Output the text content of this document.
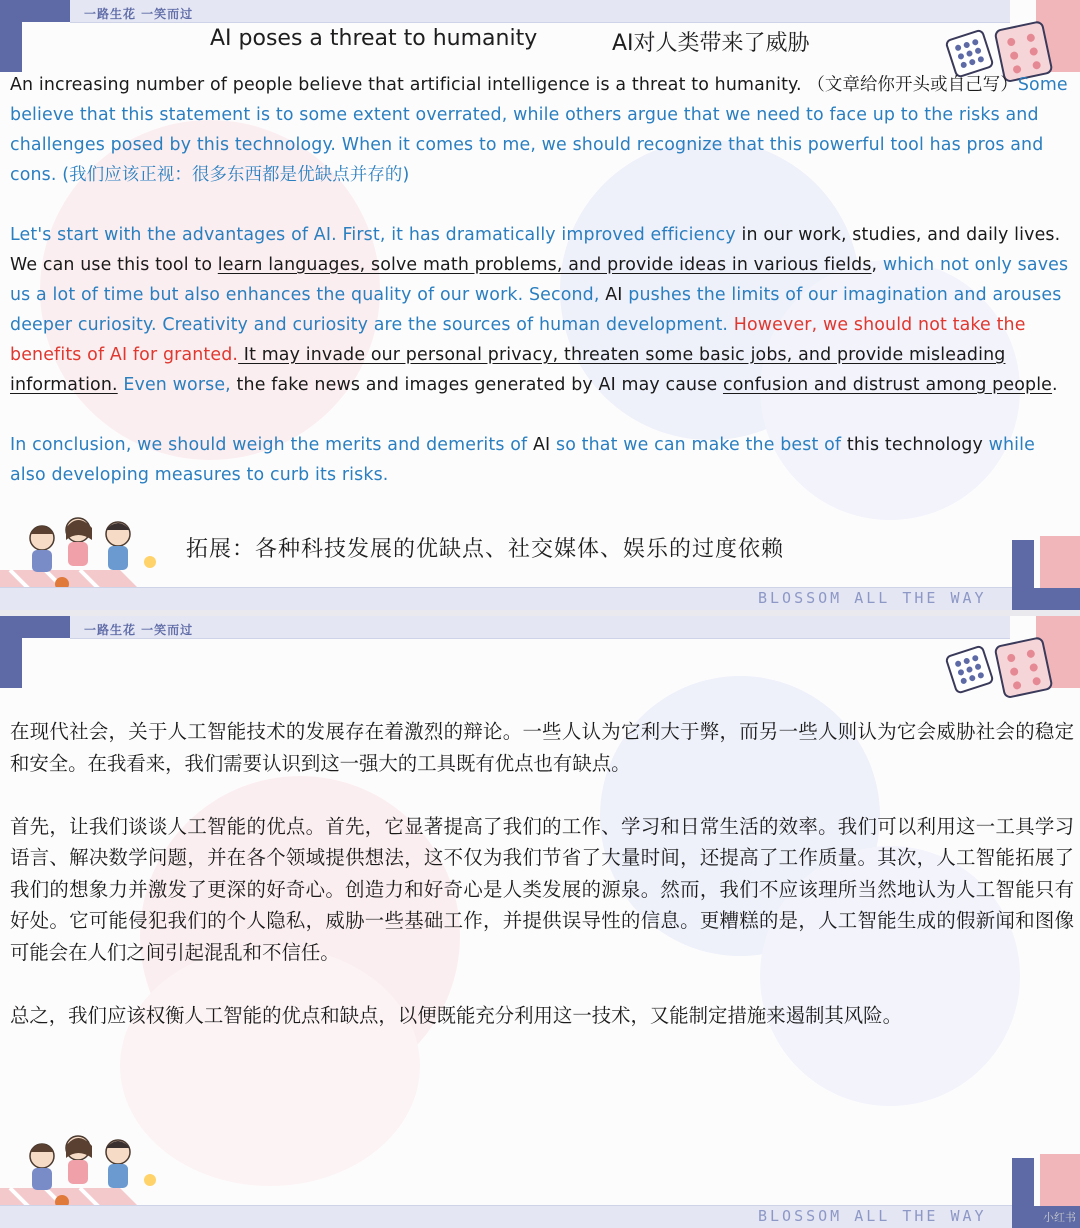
一路生花 一笑而过
AI poses a threat to humanity	AI对人类带来了威胁

An increasing number of people believe that artificial intelligence is a threat to humanity. （文章给你开头或自己写）Some believe that this statement is to some extent overrated, while others argue that we need to face up to the risks and challenges posed by this technology. When it comes to me, we should recognize that this powerful tool has pros and cons. (我们应该正视：很多东西都是优缺点并存的)

Let's start with the advantages of AI. First, it has dramatically improved efficiency in our work, studies, and daily lives. We can use this tool to learn languages, solve math problems, and provide ideas in various fields, which not only saves us a lot of time but also enhances the quality of our work. Second, AI pushes the limits of our imagination and arouses deeper curiosity. Creativity and curiosity are the sources of human development. However, we should not take the benefits of AI for granted. It may invade our personal privacy, threaten some basic jobs, and provide misleading information. Even worse, the fake news and images generated by AI may cause confusion and distrust among people.

In conclusion, we should weigh the merits and demerits of AI so that we can make the best of this technology while also developing measures to curb its risks.

拓展：各种科技发展的优缺点、社交媒体、娱乐的过度依赖
BLOSSOM ALL THE WAY
一路生花 一笑而过

在现代社会，关于人工智能技术的发展存在着激烈的辩论。一些人认为它利大于弊，而另一些人则认为它会威胁社会的稳定和安全。在我看来，我们需要认识到这一强大的工具既有优点也有缺点。

首先，让我们谈谈人工智能的优点。首先，它显著提高了我们的工作、学习和日常生活的效率。我们可以利用这一工具学习语言、解决数学问题，并在各个领域提供想法，这不仅为我们节省了大量时间，还提高了工作质量。其次，人工智能拓展了我们的想象力并激发了更深的好奇心。创造力和好奇心是人类发展的源泉。然而，我们不应该理所当然地认为人工智能只有好处。它可能侵犯我们的个人隐私，威胁一些基础工作，并提供误导性的信息。更糟糕的是，人工智能生成的假新闻和图像可能会在人们之间引起混乱和不信任。

总之，我们应该权衡人工智能的优点和缺点，以便既能充分利用这一技术，又能制定措施来遏制其风险。

BLOSSOM ALL THE WAY	小红书
